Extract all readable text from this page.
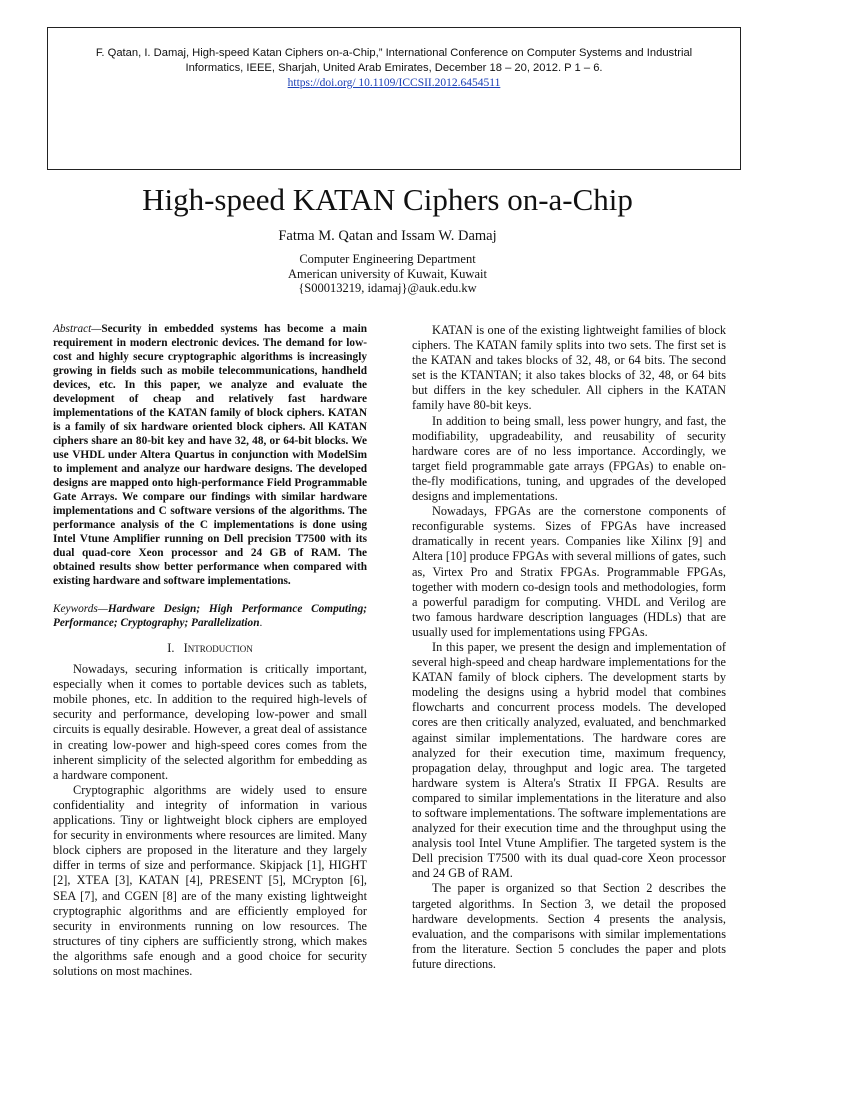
F. Qatan, I. Damaj, High-speed Katan Ciphers on-a-Chip,” International Conference on Computer Systems and Industrial
Informatics, IEEE, Sharjah, United Arab Emirates, December 18 – 20, 2012. P 1 – 6.
https://doi.org/ 10.1109/ICCSII.2012.6454511
High-speed KATAN Ciphers on-a-Chip
Fatma M. Qatan and Issam W. Damaj
Computer Engineering Department
American university of Kuwait, Kuwait
{S00013219, idamaj}@auk.edu.kw

Abstract—Security in embedded systems has become a main requirement in modern electronic devices. The demand for low-cost and highly secure cryptographic algorithms is increasingly growing in fields such as mobile telecommunications, handheld devices, etc. In this paper, we analyze and evaluate the development of cheap and relatively fast hardware implementations of the KATAN family of block ciphers. KATAN is a family of six hardware oriented block ciphers. All KATAN ciphers share an 80-bit key and have 32, 48, or 64-bit blocks. We use VHDL under Altera Quartus in conjunction with ModelSim to implement and analyze our hardware designs. The developed designs are mapped onto high-performance Field Programmable Gate Arrays. We compare our findings with similar hardware implementations and C software versions of the algorithms. The performance analysis of the C implementations is done using Intel Vtune Amplifier running on Dell precision T7500 with its dual quad-core Xeon processor and 24 GB of RAM. The obtained results show better performance when compared with existing hardware and software implementations.

Keywords—Hardware Design; High Performance Computing; Performance; Cryptography; Parallelization.

I. Introduction

Nowadays, securing information is critically important, especially when it comes to portable devices such as tablets, mobile phones, etc. In addition to the required high-levels of security and performance, developing low-power and small circuits is equally desirable. However, a great deal of assistance in creating low-power and high-speed cores comes from the inherent simplicity of the selected algorithm for embedding as a hardware component.

Cryptographic algorithms are widely used to ensure confidentiality and integrity of information in various applications. Tiny or lightweight block ciphers are employed for security in environments where resources are limited. Many block ciphers are proposed in the literature and they largely differ in terms of size and performance. Skipjack [1], HIGHT [2], XTEA [3], KATAN [4], PRESENT [5], MCrypton [6], SEA [7], and CGEN [8] are of the many existing lightweight cryptographic algorithms and are efficiently employed for security in environments running on low resources. The structures of tiny ciphers are sufficiently strong, which makes the algorithms safe enough and a good choice for security solutions on most machines.

KATAN is one of the existing lightweight families of block ciphers. The KATAN family splits into two sets. The first set is the KATAN and takes blocks of 32, 48, or 64 bits. The second set is the KTANTAN; it also takes blocks of 32, 48, or 64 bits but differs in the key scheduler. All ciphers in the KATAN family have 80-bit keys.

In addition to being small, less power hungry, and fast, the modifiability, upgradeability, and reusability of security hardware cores are of no less importance. Accordingly, we target field programmable gate arrays (FPGAs) to enable on-the-fly modifications, tuning, and upgrades of the developed designs and implementations.

Nowadays, FPGAs are the cornerstone components of reconfigurable systems. Sizes of FPGAs have increased dramatically in recent years. Companies like Xilinx [9] and Altera [10] produce FPGAs with several millions of gates, such as, Virtex Pro and Stratix FPGAs. Programmable FPGAs, together with modern co-design tools and methodologies, form a powerful paradigm for computing. VHDL and Verilog are two famous hardware description languages (HDLs) that are usually used for implementations using FPGAs.

In this paper, we present the design and implementation of several high-speed and cheap hardware implementations for the KATAN family of block ciphers. The development starts by modeling the designs using a hybrid model that combines flowcharts and concurrent process models. The developed cores are then critically analyzed, evaluated, and benchmarked against similar implementations. The hardware cores are analyzed for their execution time, maximum frequency, propagation delay, throughput and logic area. The targeted hardware system is Altera's Stratix II FPGA. Results are compared to similar implementations in the literature and also to software implementations. The software implementations are analyzed for their execution time and the throughput using the analysis tool Intel Vtune Amplifier. The targeted system is the Dell precision T7500 with its dual quad-core Xeon processor and 24 GB of RAM.

The paper is organized so that Section 2 describes the targeted algorithms. In Section 3, we detail the proposed hardware developments. Section 4 presents the analysis, evaluation, and the comparisons with similar implementations from the literature. Section 5 concludes the paper and plots future directions.
